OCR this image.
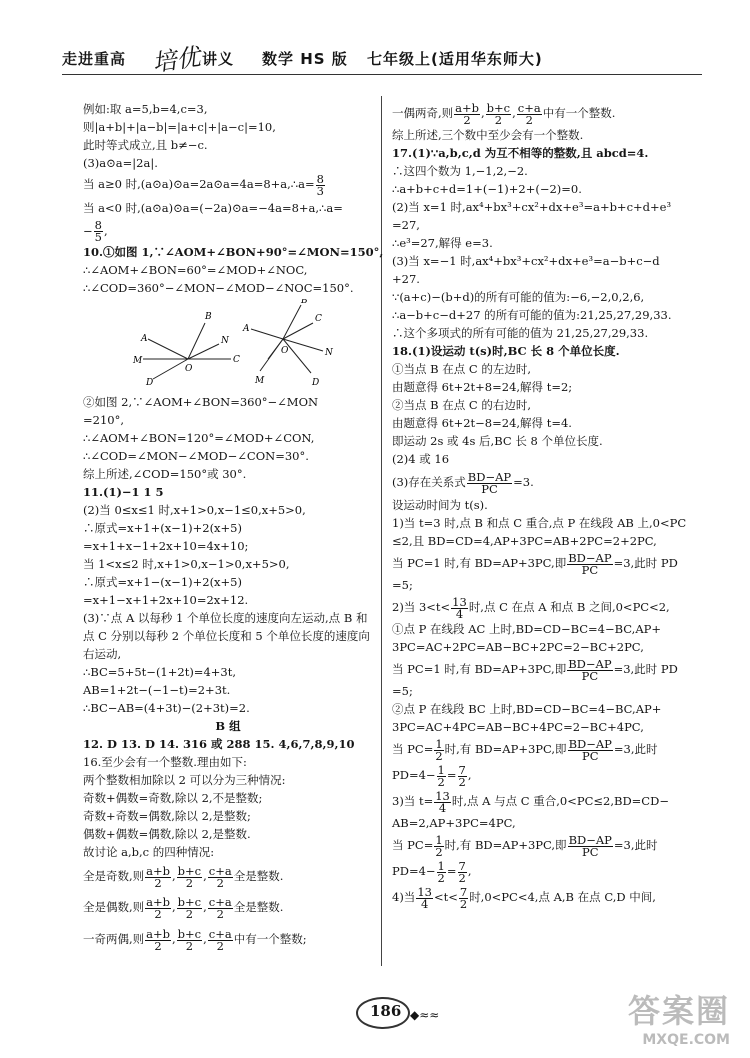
走进重高 培优 讲义 数学 HS 版 七年级上(适用华东师大)
例如:取 a=5,b=4,c=3,
则|a+b|+|a−b|=|a+c|+|a−c|=10,
此时等式成立,且 b≠−c.
(3)a⊙a=|2a|.
当 a≥0 时,(a⊙a)⊙a=2a⊙a=4a=8+a,∴a= $\frac{8}{3}$
当 a<0 时,(a⊙a)⊙a=(−2a)⊙a=−4a=8+a,∴a=
− $\frac{8}{5}$ ,
10.①如图 1,∵∠AOM+∠BON+90°=∠MON=150°,
∴∠AOM+∠BON=60°=∠MOD+∠NOC,
∴∠COD=360°−∠MON−∠MOD−∠NOC=150°.
A
B
C
D
M
N
O
A
B
C
M	D
N
O
②如图 2,∵∠AOM+∠BON=360°−∠MON
=210°,
∴∠AOM+∠BON=120°=∠MOD+∠CON,
∴∠COD=∠MON−∠MOD−∠CON=30°.
综上所述,∠COD=150°或 30°.
11.(1)−1 1 5
(2)当 0≤x≤1 时,x+1>0,x−1≤0,x+5>0,
∴原式=x+1+(x−1)+2(x+5)
=x+1+x−1+2x+10=4x+10;
当 1<x≤2 时,x+1>0,x−1>0,x+5>0,
∴原式=x+1−(x−1)+2(x+5)
=x+1−x+1+2x+10=2x+12.
(3)∵点 A 以每秒 1 个单位长度的速度向左运动,点 B 和
点 C 分别以每秒 2 个单位长度和 5 个单位长度的速度向
右运动,
∴BC=5+5t−(1+2t)=4+3t,
AB=1+2t−(−1−t)=2+3t.
∴BC−AB=(4+3t)−(2+3t)=2.
B 组
12. D 13. D 14. 316 或 288 15. 4,6,7,8,9,10
16.至少会有一个整数.理由如下:
两个整数相加除以 2 可以分为三种情况:
奇数+偶数=奇数,除以 2,不是整数;
奇数+奇数=偶数,除以 2,是整数;
偶数+偶数=偶数,除以 2,是整数.
故讨论 a,b,c 的四种情况:
全是奇数,则 $\frac{a+b}{2}$ , $\frac{b+c}{2}$ , $\frac{c+a}{2}$ 全是整数.
全是偶数,则 $\frac{a+b}{2}$ , $\frac{b+c}{2}$ , $\frac{c+a}{2}$ 全是整数.
一奇两偶,则 $\frac{a+b}{2}$ , $\frac{b+c}{2}$ , $\frac{c+a}{2}$ 中有一个整数;
一偶两奇,则 $\frac{a+b}{2}$ , $\frac{b+c}{2}$ , $\frac{c+a}{2}$ 中有一个整数.
综上所述,三个数中至少会有一个整数.
17.(1)∵a,b,c,d 为互不相等的整数,且 abcd=4.
∴这四个数为 1,−1,2,−2.
∴a+b+c+d=1+(−1)+2+(−2)=0.
(2)当 x=1 时,ax⁴+bx³+cx²+dx+e³=a+b+c+d+e³
=27,
∴e³=27,解得 e=3.
(3)当 x=−1 时,ax⁴+bx³+cx²+dx+e³=a−b+c−d
+27.
∵(a+c)−(b+d)的所有可能的值为:−6,−2,0,2,6,
∴a−b+c−d+27 的所有可能的值为:21,25,27,29,33.
∴这个多项式的所有可能的值为 21,25,27,29,33.
18.(1)设运动 t(s)时,BC 长 8 个单位长度.
①当点 B 在点 C 的左边时,
由题意得 6t+2t+8=24,解得 t=2;
②当点 B 在点 C 的右边时,
由题意得 6t+2t−8=24,解得 t=4.
即运动 2s 或 4s 后,BC 长 8 个单位长度.
(2)4 或 16
(3)存在关系式 $\frac{BD-AP}{PC} =3$.
设运动时间为 t(s).
1)当 t=3 时,点 B 和点 C 重合,点 P 在线段 AB 上,0<PC
≤2,且 BD=CD=4,AP+3PC=AB+2PC=2+2PC,
当 PC=1 时,有 BD=AP+3PC,即 $\frac{BD-AP}{PC} =3$,此时 PD
=5;
2)当 $3<t< \frac{13}{4}$ 时,点 C 在点 A 和点 B 之间,0<PC<2,
①点 P 在线段 AC 上时,BD=CD−BC=4−BC,AP+
3PC=AC+2PC=AB−BC+2PC=2−BC+2PC,
当 PC=1 时,有 BD=AP+3PC,即 $\frac{BD-AP}{PC} =3$,此时 PD
=5;
②点 P 在线段 BC 上时,BD=CD−BC=4−BC,AP+
3PC=AC+4PC=AB−BC+4PC=2−BC+4PC,
当 $PC= \frac{1}{2}$ 时,有 BD=AP+3PC,即 $\frac{BD-AP}{PC} =3$,此时
$PD=4- \frac{1}{2} = \frac{7}{2}$ ,
3)当 $t= \frac{13}{4}$ 时,点 A 与点 C 重合,0<PC≤2,BD=CD−
AB=2,AP+3PC=4PC,
当 $PC= \frac{1}{2}$ 时,有 BD=AP+3PC,即 $\frac{BD-AP}{PC} =3$,此时
$PD=4- \frac{1}{2} = \frac{7}{2}$ ,
4)当 $\frac{13}{4} <t< \frac{7}{2}$ 时,0<PC<4,点 A,B 在点 C,D 中间,
186 ◆≈≈	答案圈
MXQE.COM
